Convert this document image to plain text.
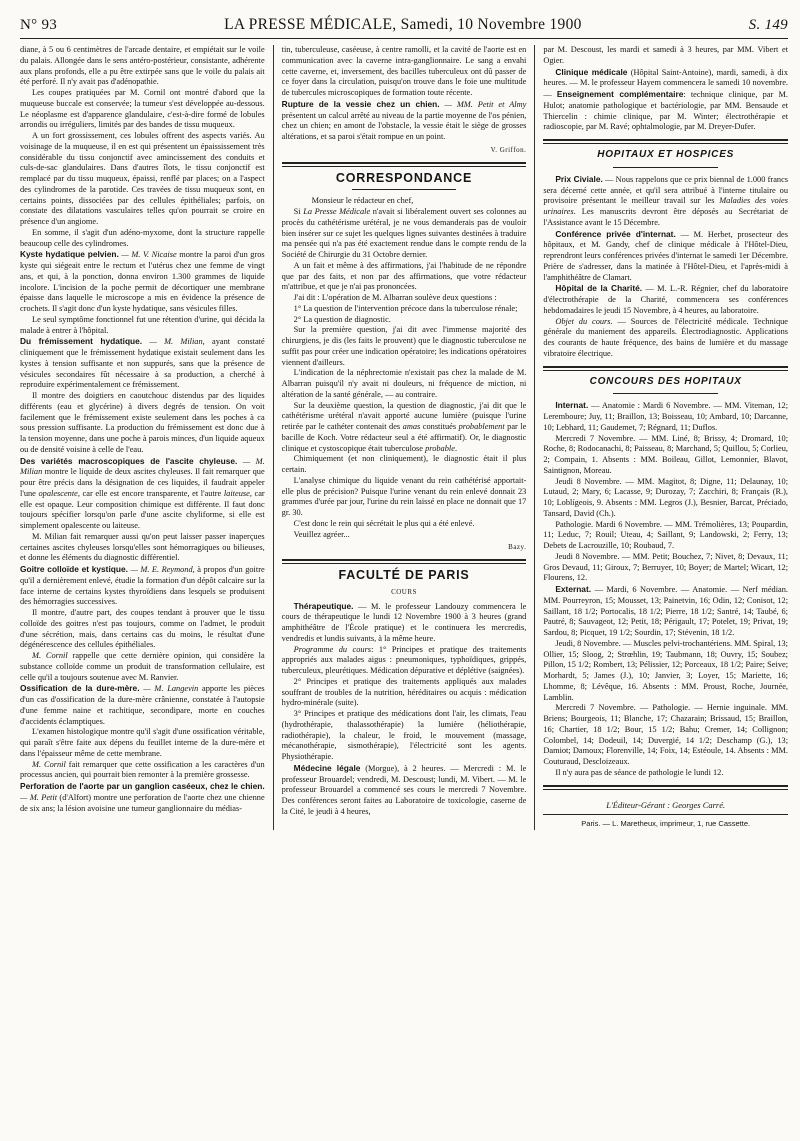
N° 93	LA PRESSE MÉDICALE, Samedi, 10 Novembre 1900	S. 149

diane, à 5 ou 6 centimètres de l'arcade dentaire, et empiétait sur le voile du palais. Allongée dans le sens antéro-postérieur, consistante, adhérente aux plans profonds, elle a pu être extirpée sans que le voile du palais ait été perforé. Il n'y avait pas d'adénopathie.

Les coupes pratiquées par M. Cornil ont montré d'abord que la muqueuse buccale est conservée; la tumeur s'est développée au-dessous. Le néoplasme est d'apparence glandulaire, c'est-à-dire formé de lobules arrondis ou irréguliers, limités par des bandes de tissu muqueux.

A un fort grossissement, ces lobules offrent des aspects variés. Au voisinage de la muqueuse, il en est qui présentent un épaississement très considérable du tissu conjonctif avec amincissement des conduits et culs-de-sac glandulaires. Dans d'autres îlots, le tissu conjonctif est remplacé par du tissu muqueux, épaissi, renflé par places; on a l'aspect des cylindromes de la parotide. Ces travées de tissu muqueux sont, en certains points, dissociées par des cellules épithéliales; parfois, on constate des dilatations vasculaires telles qu'on pourrait se croire en présence d'un angiome.

En somme, il s'agit d'un adéno-myxome, dont la structure rappelle beaucoup celle des cylindromes.

Kyste hydatique pelvien. — M. V. Nicaise montre la paroi d'un gros kyste qui siégeait entre le rectum et l'utérus chez une femme de vingt ans, et qui, à la ponction, donna environ 1.300 grammes de liquide incolore. L'incision de la poche permit de décortiquer une membrane épaisse dans laquelle le microscope a mis en évidence la présence de crochets. Il s'agit donc d'un kyste hydatique, sans vésicules filles.

Le seul symptôme fonctionnel fut une rétention d'urine, qui décida la malade à entrer à l'hôpital.

Du frémissement hydatique. — M. Milian, ayant constaté cliniquement que le frémissement hydatique existait seulement dans les kystes à tension suffisante et non suppurés, sans que la présence de vésicules secondaires fût nécessaire à sa production, a cherché à reproduire expérimentalement ce frémissement.

Il montre des doigtiers en caoutchouc distendus par des liquides différents (eau et glycérine) à divers degrés de tension. On voit facilement que le frémissement existe seulement dans les poches à ca sous pression suffisante. La production du frémissement est donc due à la tension moyenne, dans une poche à parois minces, d'un liquide aqueux ou de densité voisine à celle de l'eau.

Des variétés macroscopiques de l'ascite chyleuse. — M. Milian montre le liquide de deux ascites chyleuses. Il fait remarquer que pour être précis dans la désignation de ces liquides, il faudrait appeler l'une opalescente, car elle est encore transparente, et l'autre laiteuse, car elle est opaque. Leur composition chimique est différente. Il faut donc toujours spécifier lorsqu'on parle d'une ascite chyliforme, si elle est simplement opalescente ou laiteuse.

M. Milian fait remarquer aussi qu'on peut laisser passer inaperçues certaines ascites chyleuses lorsqu'elles sont hémorragiques ou bilieuses, et donne les éléments du diagnostic différentiel.

Goitre colloïde et kystique. — M. E. Reymond, à propos d'un goitre qu'il a dernièrement enlevé, étudie la formation d'un dépôt calcaire sur la face interne de certains kystes thyroïdiens dans lesquels se produisent des hémorragies successives.

Il montre, d'autre part, des coupes tendant à prouver que le tissu colloïde des goitres n'est pas toujours, comme on l'admet, le produit d'une sécrétion, mais, dans certains cas du moins, le résultat d'une dégénérescence des cellules épithéliales.

M. Cornil rappelle que cette dernière opinion, qui considère la substance colloïde comme un produit de transformation cellulaire, est celle qu'il a toujours soutenue avec M. Ranvier.

Ossification de la dure-mère. — M. Langevin apporte les pièces d'un cas d'ossification de la dure-mère crânienne, constatée à l'autopsie d'une femme naine et rachitique, secondipare, morte en couches d'accidents éclamptiques.

L'examen histologique montre qu'il s'agit d'une ossification véritable, qui paraît s'être faite aux dépens du feuillet interne de la dure-mère et dans l'épaisseur même de cette membrane.

M. Cornil fait remarquer que cette ossification a les caractères d'un processus ancien, qui pourrait bien remonter à la première grossesse.

Perforation de l'aorte par un ganglion caséeux, chez le chien. — M. Petit (d'Alfort) montre une perforation de l'aorte chez une chienne de six ans; la lésion avoisine une tumeur ganglionnaire du médias-

tin, tuberculeuse, caséeuse, à centre ramolli, et la cavité de l'aorte est en communication avec la caverne intra-ganglionnaire. Le sang a envahi cette caverne, et, inversement, des bacilles tuberculeux ont dû passer de ce foyer dans la circulation, puisqu'on trouve dans le foie une multitude de tubercules microscopiques de formation toute récente.

Rupture de la vessie chez un chien. — MM. Petit et Almy présentent un calcul arrêté au niveau de la partie moyenne de l'os pénien, chez un chien; en amont de l'obstacle, la vessie était le siège de grosses altérations, et sa paroi s'était rompue en un point.

V. Griffon.
CORRESPONDANCE

Monsieur le rédacteur en chef,

Si La Presse Médicale n'avait si libéralement ouvert ses colonnes au procès du cathétérisme urétéral, je ne vous demanderais pas de vouloir bien insérer sur ce sujet les quelques lignes suivantes destinées à traduire ma pensée qui n'a pas été exactement rendue dans le compte rendu de la Société de Chirurgie du 31 Octobre dernier.

A un fait et même à des affirmations, j'ai l'habitude de ne répondre que par des faits, et non par des affirmations, que votre rédacteur m'attribue, et que je n'ai pas prononcées.

J'ai dit : L'opération de M. Albarran soulève deux questions :

1° La question de l'intervention précoce dans la tuberculose rénale;

2° La question de diagnostic.

Sur la première question, j'ai dit avec l'immense majorité des chirurgiens, je dis (les faits le prouvent) que le diagnostic tuberculose ne suffit pas pour créer une indication opératoire; les indications opératoires viennent d'ailleurs.

L'indication de la néphrectomie n'existait pas chez la malade de M. Albarran puisqu'il n'y avait ni douleurs, ni fréquence de miction, ni altération de la santé générale, — au contraire.

Sur la deuxième question, la question de diagnostic, j'ai dit que le cathétérisme urétéral n'avait apporté aucune lumière (puisque l'urine retirée par le cathéter contenait des amas constitués probablement par le bacille de Koch. Votre rédacteur seul a été affirmatif). Or, le diagnostic clinique et cystoscopique était tuberculose probable.

Chimiquement (et non cliniquement), le diagnostic était il plus certain.

L'analyse chimique du liquide venant du rein cathétérisé apportait-elle plus de précision? Puisque l'urine venant du rein enlevé donnait 23 grammes d'urée par jour, l'urine du rein laissé en place ne donnait que 17 gr. 30.

C'est donc le rein qui sécrétait le plus qui a été enlevé.

Veuillez agréer...

Bazy.
FACULTÉ DE PARIS
COURS

Thérapeutique. — M. le professeur Landouzy commencera le cours de thérapeutique le lundi 12 Novembre 1900 à 3 heures (grand amphithéâtre de l'École pratique) et le continuera les mercredis, vendredis et lundis suivants, à la même heure.

Programme du cours: 1° Principes et pratique des traitements appropriés aux malades aigus : pneumoniques, typhoïdiques, grippés, tuberculeux, pleurétiques. Médication dépurative et déplétive (saignées).

2° Principes et pratique des traitements appliqués aux malades souffrant de troubles de la nutrition, héréditaires ou acquis : médication hydro-minérale (suite).

3° Principes et pratique des médications dont l'air, les climats, l'eau (hydrothérapie, thalassothérapie) la lumière (héliothérapie, radiothérapie), la chaleur, le froid, le mouvement (massage, mécanothérapie, sismothérapie), l'électricité sont les agents. Physiothérapie.

Médecine légale (Morgue), à 2 heures. — Mercredi : M. le professeur Brouardel; vendredi, M. Descoust; lundi, M. Vibert. — M. le professeur Brouardel a commencé ses cours le mercredi 7 Novembre. Des conférences seront faites au Laboratoire de toxicologie, caserne de la Cité, le jeudi à 4 heures,

par M. Descoust, les mardi et samedi à 3 heures, par MM. Vibert et Ogier.

Clinique médicale (Hôpital Saint-Antoine), mardi, samedi, à dix heures. — M. le professeur Hayem commencera le samedi 10 novembre. — Enseignement complémentaire: technique clinique, par M. Hulot; anatomie pathologique et bactériologie, par MM. Bensaude et Thiercelin : chimie clinique, par M. Winter; électrothérapie et radioscopie, par M. Ravé; ophtalmologie, par M. Dreyer-Dufer.

HOPITAUX ET HOSPICES

Prix Civiale. — Nous rappelons que ce prix biennal de 1.000 francs sera décerné cette année, et qu'il sera attribué à l'interne titulaire ou provisoire présentant le meilleur travail sur les Maladies des voies urinaires. Les manuscrits devront être déposés au Secrétariat de l'Assistance avant le 15 Décembre.

Conférence privée d'internat. — M. Herbet, prosecteur des hôpitaux, et M. Gandy, chef de clinique médicale à l'Hôtel-Dieu, reprendront leurs conférences privées d'internat le samedi 1er Décembre. Prière de s'adresser, dans la matinée à l'Hôtel-Dieu, et l'après-midi à l'amphithéâtre de Clamart.

Hôpital de la Charité. — M. L.-R. Régnier, chef du laboratoire d'électrothérapie de la Charité, commencera ses conférences hebdomadaires le jeudi 15 Novembre, à 4 heures, au laboratoire.

Objet du cours. — Sources de l'électricité médicale. Technique générale du maniement des appareils. Électrodiagnostic. Applications des courants de haute fréquence, des bains de lumière et du massage vibratoire électrique.

CONCOURS DES HOPITAUX

Internat. — Anatomie : Mardi 6 Novembre. — MM. Viteman, 12; Leremboure; Juy, 11; Braillon, 13; Boisseau, 10; Ambard, 10; Darcanne, 10; Lebhard, 11; Gaudemet, 7; Régnard, 11; Duflos.

Mercredi 7 Novembre. — MM. Liné, 8; Brissy, 4; Dromard, 10; Roche, 8; Rodocanachi, 8; Paisseau, 8; Marchand, 5; Quillou, 5; Corlieu, 2; Compain, 1. Absents : MM. Boileau, Gillot, Lemonnier, Blavot, Saintignon, Moreau.

Jeudi 8 Novembre. — MM. Magitot, 8; Digne, 11; Delaunay, 10; Lutaud, 2; Mary, 6; Lacasse, 9; Durozay, 7; Zacchiri, 8; Français (R.), 10; Loblígeois, 9. Absents : MM. Legros (J.), Besnier, Barcat, Préciado, Tansard, David (Ch.).

Pathologie. Mardi 6 Novembre. — MM. Trémolières, 13; Poupardin, 11; Leduc, 7; Rouil; Uteau, 4; Saillant, 9; Landowski, 2; Ferry, 13; Debets de Lacrouzille, 10; Roubaud, 7.

Jeudi 8 Novembre. — MM. Petit; Bouchez, 7; Nivet, 8; Devaux, 11; Gros Devaud, 11; Giroux, 7; Berruyer, 10; Boyer; de Martel; Wicart, 12; Flourens, 12.

Externat. — Mardi, 6 Novembre. — Anatomie. — Nerf médian. MM. Pourreyron, 15; Mousset, 13; Painetvin, 16; Odin, 12; Conisot, 12; Saillant, 18 1/2; Portocalis, 18 1/2; Pierre, 18 1/2; Santré, 14; Taubé, 6; Pautré, 8; Sauvageot, 12; Petit, 18; Périgault, 17; Potelet, 19; Privat, 19; Sardou, 8; Picquet, 19 1/2; Sourdin, 17; Stévenin, 18 1/2.

Jeudi, 8 Novembre. — Muscles pelvi-trochantériens. MM. Spiral, 13; Ollier, 15; Sloog, 2; Strœhlin, 19; Taubmann, 18; Ouvry, 15; Soubez; Pillon, 15 1/2; Rombert, 13; Pélissier, 12; Porceaux, 18 1/2; Paire; Seive; Morhardt, 5; James (J.), 10; Janvier, 3; Loyer, 15; Mariette, 16; Lhomme, 8; Lévêque, 16. Absents : MM. Proust, Roche, Journée, Lamblin.

Mercredi 7 Novembre. — Pathologie. — Hernie inguinale. MM. Briens; Bourgeois, 11; Blanche, 17; Chazarain; Brissaud, 15; Braillon, 16; Chartier, 18 1/2; Bour, 15 1/2; Bahu; Cremer, 14; Collignon; Colombel, 14; Dodeuil, 14; Duvergié, 14 1/2; Deschamp (G.), 13; Damiot; Damoux; Florenville, 14; Foix, 14; Estéoule, 14. Absents : MM. Couturaud, Descloizeaux.

Il n'y aura pas de séance de pathologie le lundi 12.

L'Éditeur-Gérant : Georges Carré.
Paris. — L. Maretheux, imprimeur, 1, rue Cassette.
